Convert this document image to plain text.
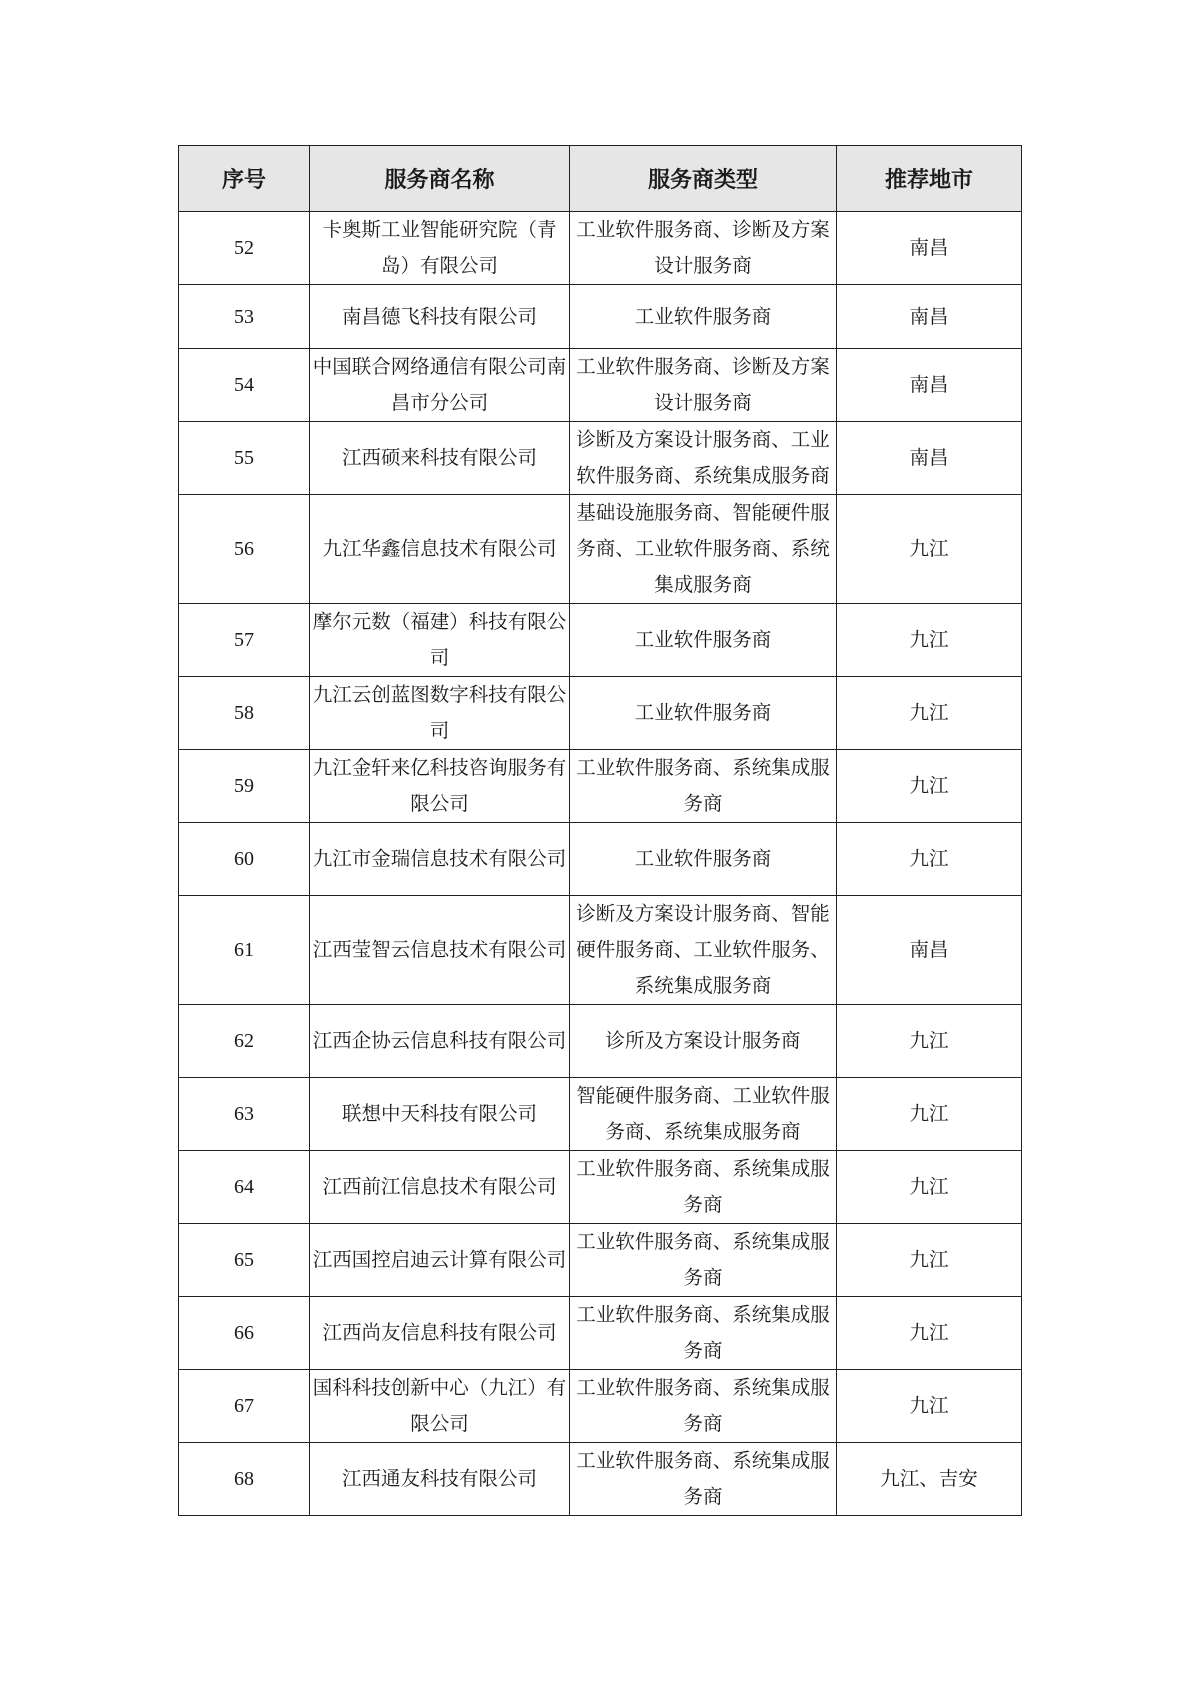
序号	服务商名称	服务商类型	推荐地市
52	卡奥斯工业智能研究院（青岛）有限公司	工业软件服务商、诊断及方案设计服务商	南昌
53	南昌德飞科技有限公司	工业软件服务商	南昌
54	中国联合网络通信有限公司南昌市分公司	工业软件服务商、诊断及方案设计服务商	南昌
55	江西硕来科技有限公司	诊断及方案设计服务商、工业软件服务商、系统集成服务商	南昌
56	九江华鑫信息技术有限公司	基础设施服务商、智能硬件服务商、工业软件服务商、系统集成服务商	九江
57	摩尔元数（福建）科技有限公司	工业软件服务商	九江
58	九江云创蓝图数字科技有限公司	工业软件服务商	九江
59	九江金轩来亿科技咨询服务有限公司	工业软件服务商、系统集成服务商	九江
60	九江市金瑞信息技术有限公司	工业软件服务商	九江
61	江西莹智云信息技术有限公司	诊断及方案设计服务商、智能硬件服务商、工业软件服务、系统集成服务商	南昌
62	江西企协云信息科技有限公司	诊所及方案设计服务商	九江
63	联想中天科技有限公司	智能硬件服务商、工业软件服务商、系统集成服务商	九江
64	江西前江信息技术有限公司	工业软件服务商、系统集成服务商	九江
65	江西国控启迪云计算有限公司	工业软件服务商、系统集成服务商	九江
66	江西尚友信息科技有限公司	工业软件服务商、系统集成服务商	九江
67	国科科技创新中心（九江）有限公司	工业软件服务商、系统集成服务商	九江
68	江西通友科技有限公司	工业软件服务商、系统集成服务商	九江、吉安
